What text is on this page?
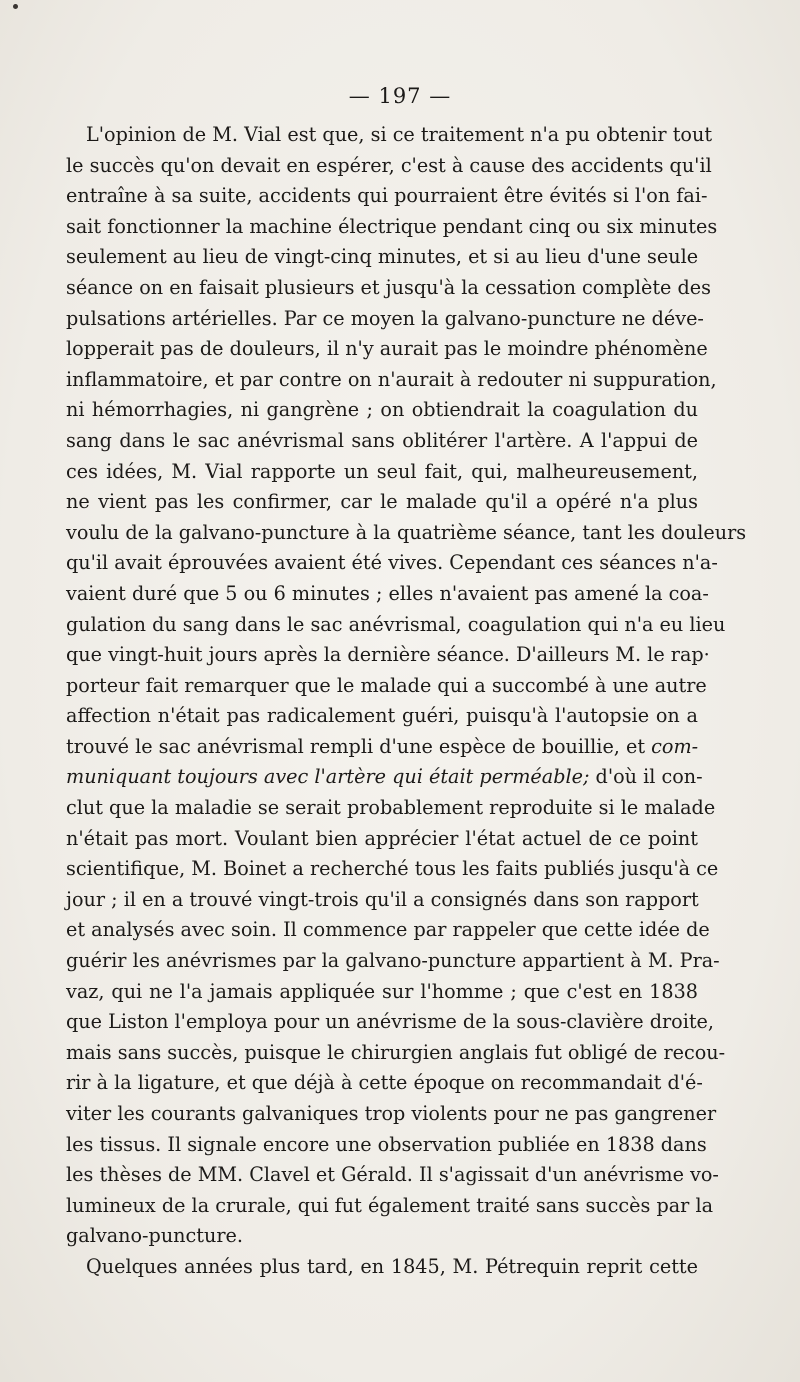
— 197 —
L'opinion de M. Vial est que, si ce traitement n'a pu obtenir tout
le succès qu'on devait en espérer, c'est à cause des accidents qu'il
entraîne à sa suite, accidents qui pourraient être évités si l'on fai-
sait fonctionner la machine électrique pendant cinq ou six minutes
seulement au lieu de vingt-cinq minutes, et si au lieu d'une seule
séance on en faisait plusieurs et jusqu'à la cessation complète des
pulsations artérielles. Par ce moyen la galvano-puncture ne déve-
lopperait pas de douleurs, il n'y aurait pas le moindre phénomène
inflammatoire, et par contre on n'aurait à redouter ni suppuration,
ni hémorrhagies, ni gangrène ; on obtiendrait la coagulation du
sang dans le sac anévrismal sans oblitérer l'artère. A l'appui de
ces idées, M. Vial rapporte un seul fait, qui, malheureusement,
ne vient pas les confirmer, car le malade qu'il a opéré n'a plus
voulu de la galvano-puncture à la quatrième séance, tant les douleurs
qu'il avait éprouvées avaient été vives. Cependant ces séances n'a-
vaient duré que 5 ou 6 minutes ; elles n'avaient pas amené la coa-
gulation du sang dans le sac anévrismal, coagulation qui n'a eu lieu
que vingt-huit jours après la dernière séance. D'ailleurs M. le rap·
porteur fait remarquer que le malade qui a succombé à une autre
affection n'était pas radicalement guéri, puisqu'à l'autopsie on a
trouvé le sac anévrismal rempli d'une espèce de bouillie, et com-
muniquant toujours avec l'artère qui était perméable; d'où il con-
clut que la maladie se serait probablement reproduite si le malade
n'était pas mort. Voulant bien apprécier l'état actuel de ce point
scientifique, M. Boinet a recherché tous les faits publiés jusqu'à ce
jour ; il en a trouvé vingt-trois qu'il a consignés dans son rapport
et analysés avec soin. Il commence par rappeler que cette idée de
guérir les anévrismes par la galvano-puncture appartient à M. Pra-
vaz, qui ne l'a jamais appliquée sur l'homme ; que c'est en 1838
que Liston l'employa pour un anévrisme de la sous-clavière droite,
mais sans succès, puisque le chirurgien anglais fut obligé de recou-
rir à la ligature, et que déjà à cette époque on recommandait d'é-
viter les courants galvaniques trop violents pour ne pas gangrener
les tissus. Il signale encore une observation publiée en 1838 dans
les thèses de MM. Clavel et Gérald. Il s'agissait d'un anévrisme vo-
lumineux de la crurale, qui fut également traité sans succès par la
galvano-puncture.
Quelques années plus tard, en 1845, M. Pétrequin reprit cette
